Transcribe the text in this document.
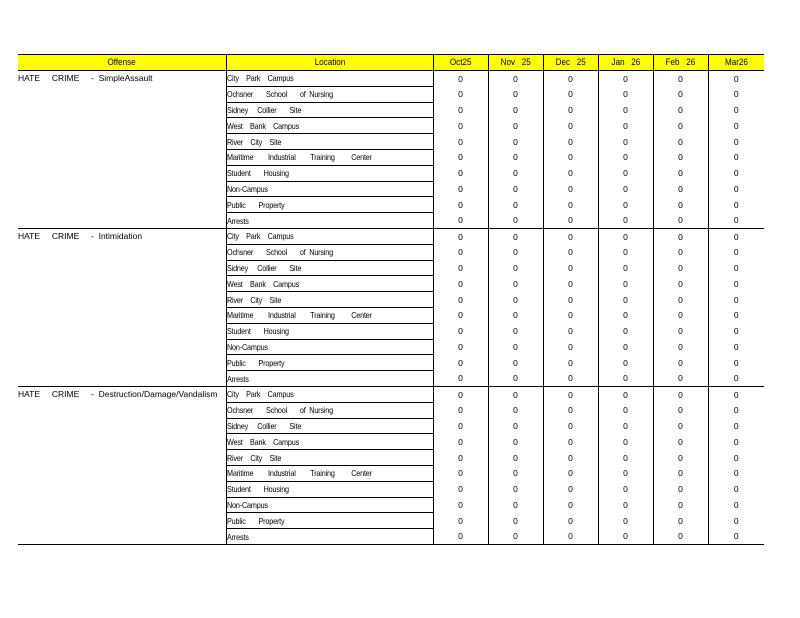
Offense	Location	Oct25	Nov   25	Dec   25	Jan   26	Feb   26	Mar26
HATE     CRIME     -  SimpleAssault	City    Park    Campus	0	0	0	0	0	0
	Ochsner       School       of  Nursing	0	0	0	0	0	0
	Sidney     Collier       Site	0	0	0	0	0	0
	West    Bank    Campus	0	0	0	0	0	0
	River    City    Site	0	0	0	0	0	0
	Maritime        Industrial        Training         Center	0	0	0	0	0	0
	Student       Housing	0	0	0	0	0	0
	Non-Campus	0	0	0	0	0	0
	Public       Property	0	0	0	0	0	0
	Arrests	0	0	0	0	0	0
HATE     CRIME     -  Intimidation	City    Park    Campus	0	0	0	0	0	0
	Ochsner       School       of  Nursing	0	0	0	0	0	0
	Sidney     Collier       Site	0	0	0	0	0	0
	West    Bank    Campus	0	0	0	0	0	0
	River    City    Site	0	0	0	0	0	0
	Maritime        Industrial        Training         Center	0	0	0	0	0	0
	Student       Housing	0	0	0	0	0	0
	Non-Campus	0	0	0	0	0	0
	Public       Property	0	0	0	0	0	0
	Arrests	0	0	0	0	0	0
HATE     CRIME     -  Destruction/Damage/Vandalism	City    Park    Campus	0	0	0	0	0	0
	Ochsner       School       of  Nursing	0	0	0	0	0	0
	Sidney     Collier       Site	0	0	0	0	0	0
	West    Bank    Campus	0	0	0	0	0	0
	River    City    Site	0	0	0	0	0	0
	Maritime        Industrial        Training         Center	0	0	0	0	0	0
	Student       Housing	0	0	0	0	0	0
	Non-Campus	0	0	0	0	0	0
	Public       Property	0	0	0	0	0	0
	Arrests	0	0	0	0	0	0
